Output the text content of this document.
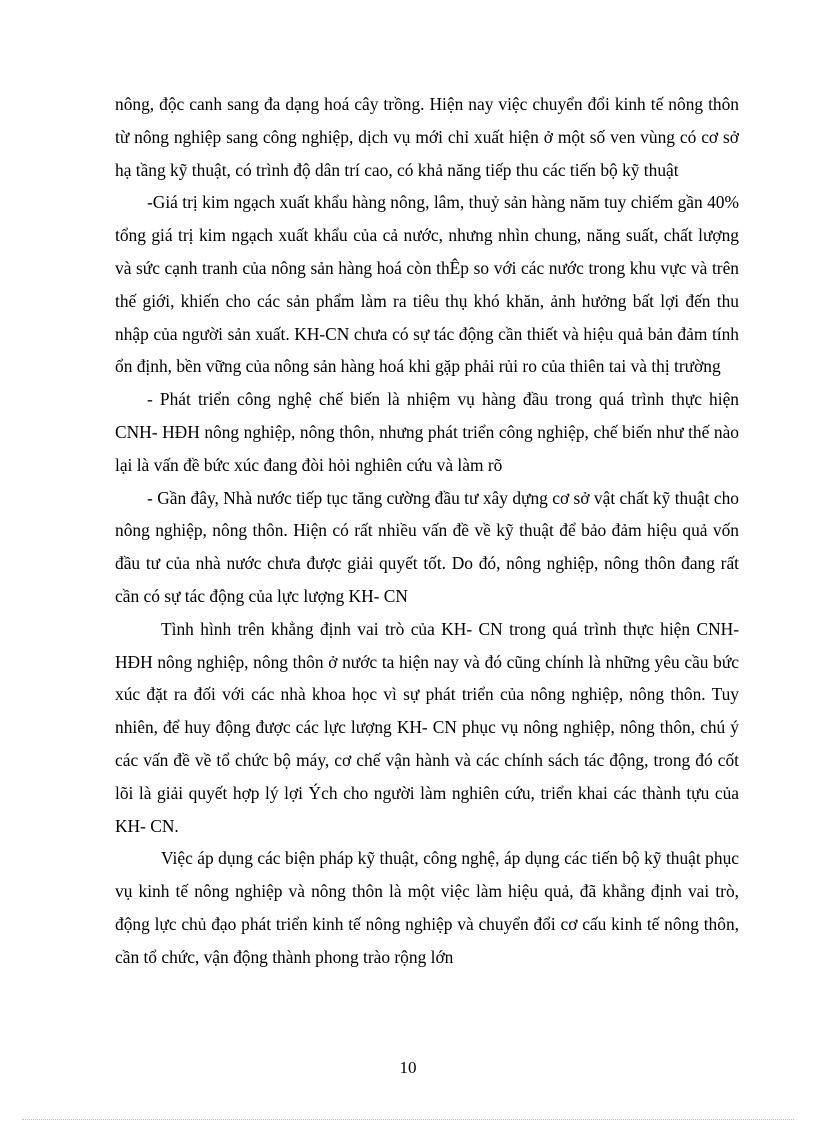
nông, độc canh sang đa dạng hoá cây trồng. Hiện nay việc chuyển đổi kinh tế nông thôn từ nông nghiệp sang công nghiệp, dịch vụ mới chỉ xuất hiện ở một số ven vùng có cơ sở hạ tầng kỹ thuật, có trình độ dân trí cao, có khả năng tiếp thu các tiến bộ kỹ thuật

-Giá trị kim ngạch xuất khẩu hàng nông, lâm, thuỷ sản hàng năm tuy chiếm gần 40% tổng giá trị kim ngạch xuất khẩu của cả nước, nhưng nhìn chung, năng suất, chất lượng và sức cạnh tranh của nông sản hàng hoá còn thÊp so với các nước trong khu vực và trên thế giới, khiến cho các sản phẩm làm ra tiêu thụ khó khăn, ảnh hưởng bất lợi đến thu nhập của người sản xuất. KH-CN chưa có sự tác động cần thiết và hiệu quả bản đảm tính ổn định, bền vững của nông sản hàng hoá khi gặp phải rủi ro của thiên tai và thị trường

- Phát triển công nghệ chế biến là nhiệm vụ hàng đầu trong quá trình thực hiện CNH- HĐH nông nghiệp, nông thôn, nhưng phát triển công nghiệp, chế biến như thế nào lại là vấn đề bức xúc đang đòi hỏi nghiên cứu và làm rõ

- Gần đây, Nhà nước tiếp tục tăng cường đầu tư xây dựng cơ sở vật chất kỹ thuật cho nông nghiệp, nông thôn. Hiện có rất nhiều vấn đề về kỹ thuật để bảo đảm hiệu quả vốn đầu tư của nhà nước chưa được giải quyết tốt. Do đó, nông nghiệp, nông thôn đang rất cần có sự tác động của lực lượng KH- CN

Tình hình trên khẳng định vai trò của KH- CN trong quá trình thực hiện CNH- HĐH nông nghiệp, nông thôn ở nước ta hiện nay và đó cũng chính là những yêu cầu bức xúc đặt ra đối với các nhà khoa học vì sự phát triển của nông nghiệp, nông thôn. Tuy nhiên, để huy động được các lực lượng KH- CN phục vụ nông nghiệp, nông thôn, chú ý các vấn đề về tổ chức bộ máy, cơ chế vận hành và các chính sách tác động, trong đó cốt lõi là giải quyết hợp lý lợi Ých cho người làm nghiên cứu, triển khai các thành tựu của KH- CN.

Việc áp dụng các biện pháp kỹ thuật, công nghệ, áp dụng các tiến bộ kỹ thuật phục vụ kinh tế nông nghiệp và nông thôn là một việc làm hiệu quả, đã khẳng định vai trò, động lực chủ đạo phát triển kinh tế nông nghiệp và chuyển đổi cơ cấu kinh tế nông thôn, cần tổ chức, vận động thành phong trào rộng lớn

10
